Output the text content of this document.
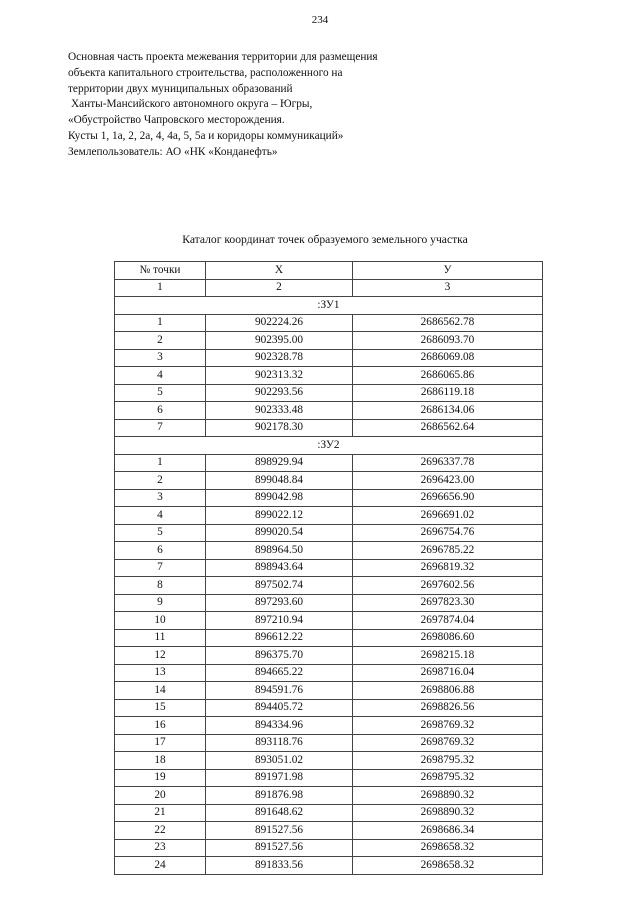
234
Основная часть проекта межевания территории для размещения
объекта капитального строительства, расположенного на
территории двух муниципальных образований
Ханты-Мансийского автономного округа – Югры,
«Обустройство Чапровского месторождения.
Кусты 1, 1а, 2, 2а, 4, 4а, 5, 5а и коридоры коммуникаций»
Землепользователь: АО «НК «Конданефть»
Каталог координат точек образуемого земельного участка
№ точки	Х	У
1	2	3
:ЗУ1		
1	902224.26	2686562.78
2	902395.00	2686093.70
3	902328.78	2686069.08
4	902313.32	2686065.86
5	902293.56	2686119.18
6	902333.48	2686134.06
7	902178.30	2686562.64
:ЗУ2		
1	898929.94	2696337.78
2	899048.84	2696423.00
3	899042.98	2696656.90
4	899022.12	2696691.02
5	899020.54	2696754.76
6	898964.50	2696785.22
7	898943.64	2696819.32
8	897502.74	2697602.56
9	897293.60	2697823.30
10	897210.94	2697874.04
11	896612.22	2698086.60
12	896375.70	2698215.18
13	894665.22	2698716.04
14	894591.76	2698806.88
15	894405.72	2698826.56
16	894334.96	2698769.32
17	893118.76	2698769.32
18	893051.02	2698795.32
19	891971.98	2698795.32
20	891876.98	2698890.32
21	891648.62	2698890.32
22	891527.56	2698686.34
23	891527.56	2698658.32
24	891833.56	2698658.32
